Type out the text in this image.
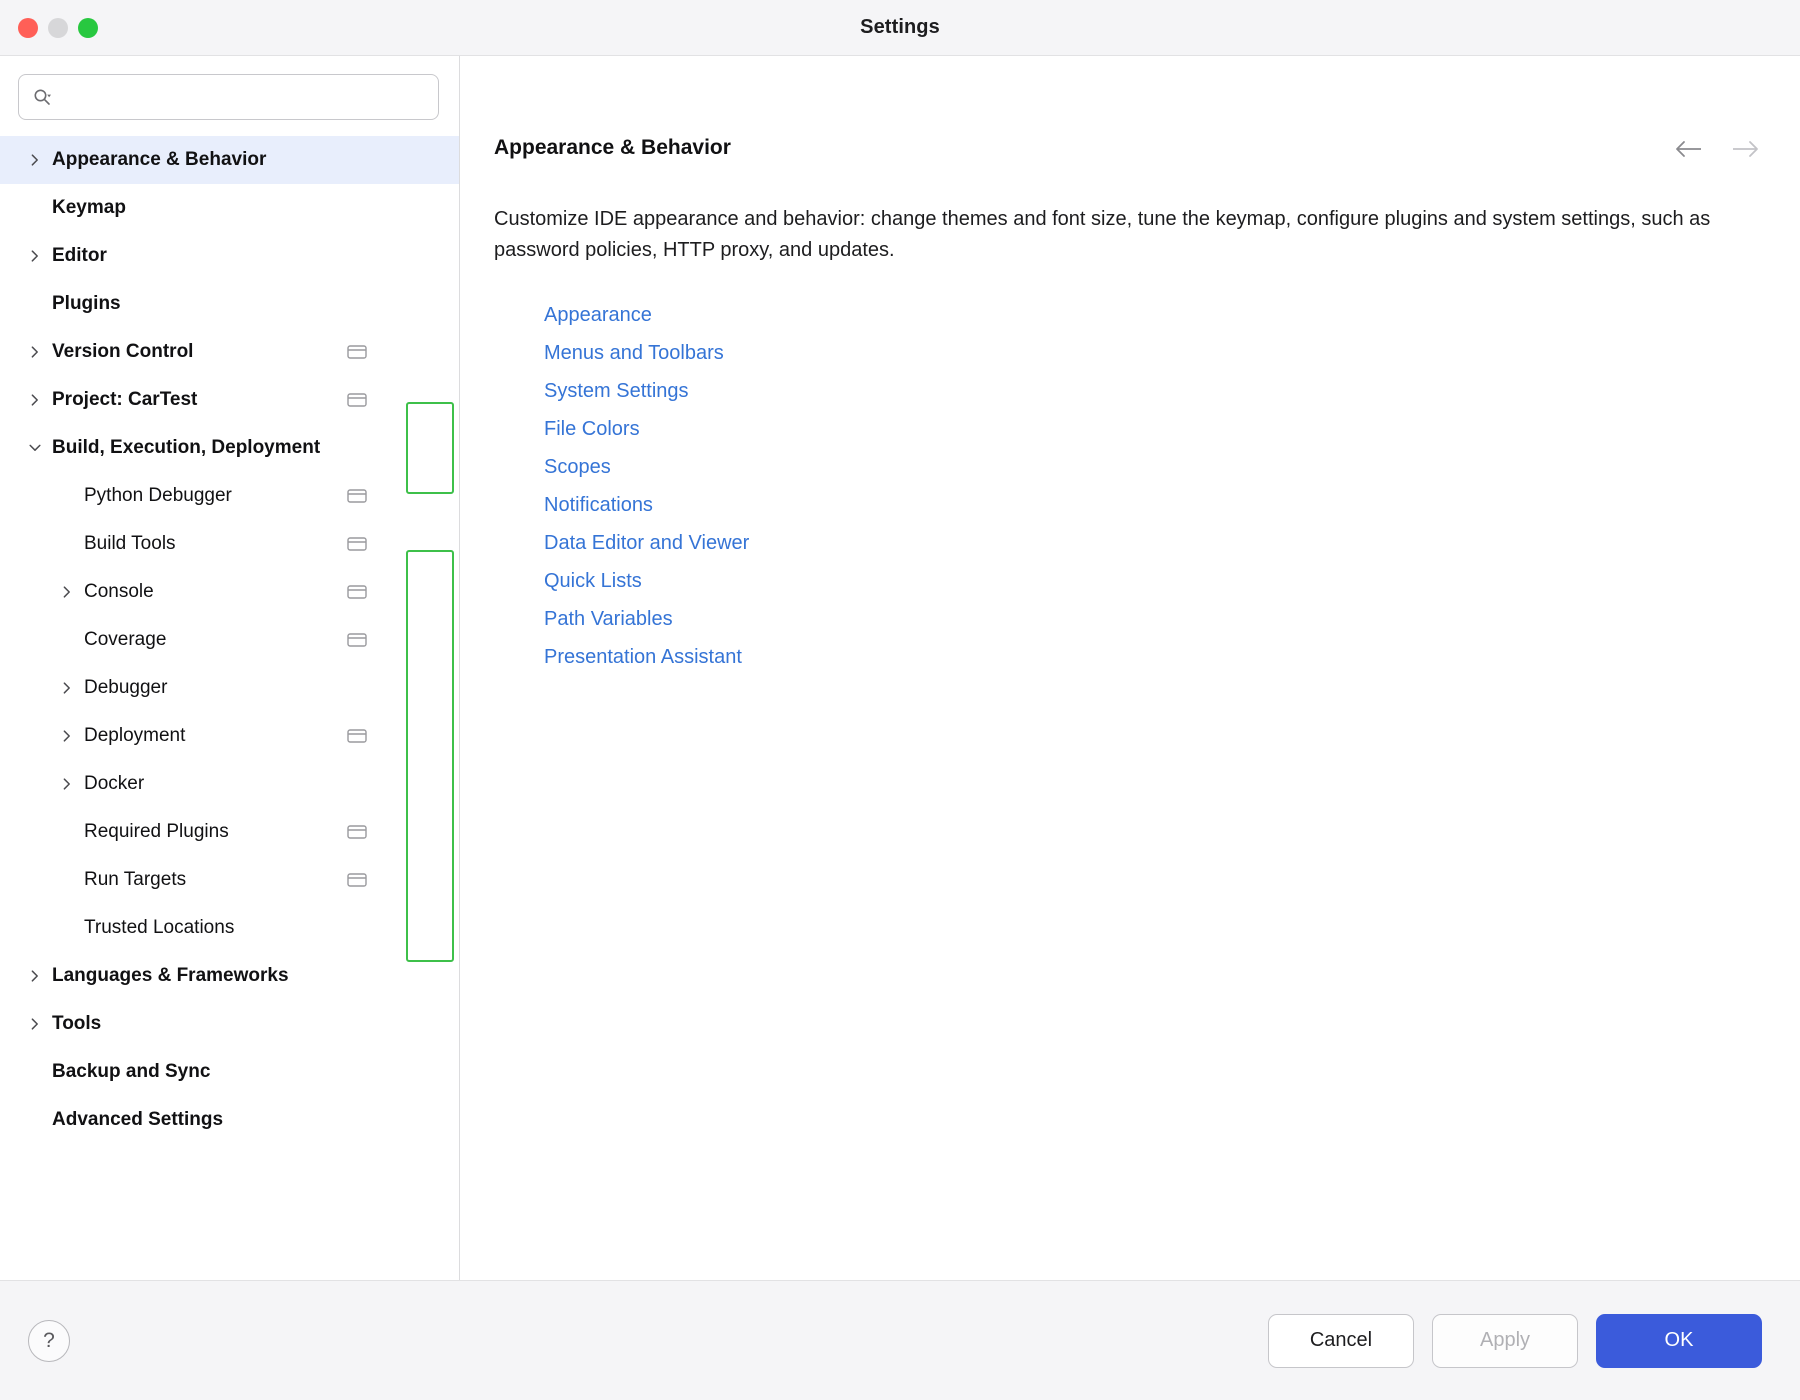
Settings
Appearance & Behavior
Keymap
Editor
Plugins
Version Control
Project: CarTest
Build, Execution, Deployment
Python Debugger
Build Tools
Console
Coverage
Debugger
Deployment
Docker
Required Plugins
Run Targets
Trusted Locations
Languages & Frameworks
Tools
Backup and Sync
Advanced Settings
Appearance & Behavior
Customize IDE appearance and behavior: change themes and font size, tune the keymap, configure plugins and system settings, such as password policies, HTTP proxy, and updates.
Appearance
Menus and Toolbars
System Settings
File Colors
Scopes
Notifications
Data Editor and Viewer
Quick Lists
Path Variables
Presentation Assistant
?	Cancel	Apply	OK
